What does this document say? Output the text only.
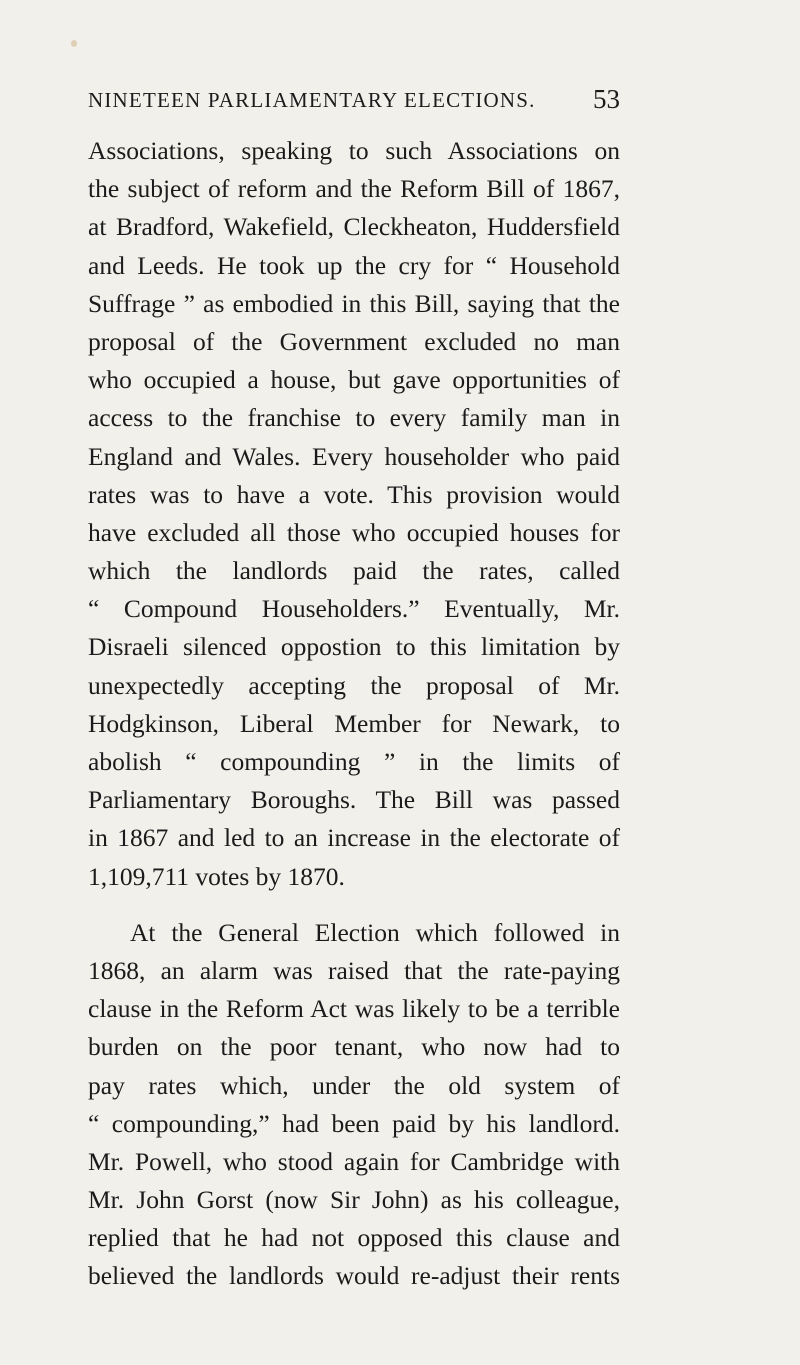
NINETEEN PARLIAMENTARY ELECTIONS. 53
Associations, speaking to such Associations on
the subject of reform and the Reform Bill of 1867,
at Bradford, Wakefield, Cleckheaton, Huddersfield
and Leeds. He took up the cry for “ Household
Suffrage ” as embodied in this Bill, saying that the
proposal of the Government excluded no man
who occupied a house, but gave opportunities of
access to the franchise to every family man in
England and Wales. Every householder who paid
rates was to have a vote. This provision would
have excluded all those who occupied houses for
which the landlords paid the rates, called
“ Compound Householders.” Eventually, Mr.
Disraeli silenced oppostion to this limitation by
unexpectedly accepting the proposal of Mr.
Hodgkinson, Liberal Member for Newark, to
abolish “ compounding ” in the limits of
Parliamentary Boroughs. The Bill was passed
in 1867 and led to an increase in the electorate of
1,109,711 votes by 1870.
At the General Election which followed in
1868, an alarm was raised that the rate-paying
clause in the Reform Act was likely to be a terrible
burden on the poor tenant, who now had to
pay rates which, under the old system of
“ compounding,” had been paid by his landlord.
Mr. Powell, who stood again for Cambridge with
Mr. John Gorst (now Sir John) as his colleague,
replied that he had not opposed this clause and
believed the landlords would re-adjust their rents
